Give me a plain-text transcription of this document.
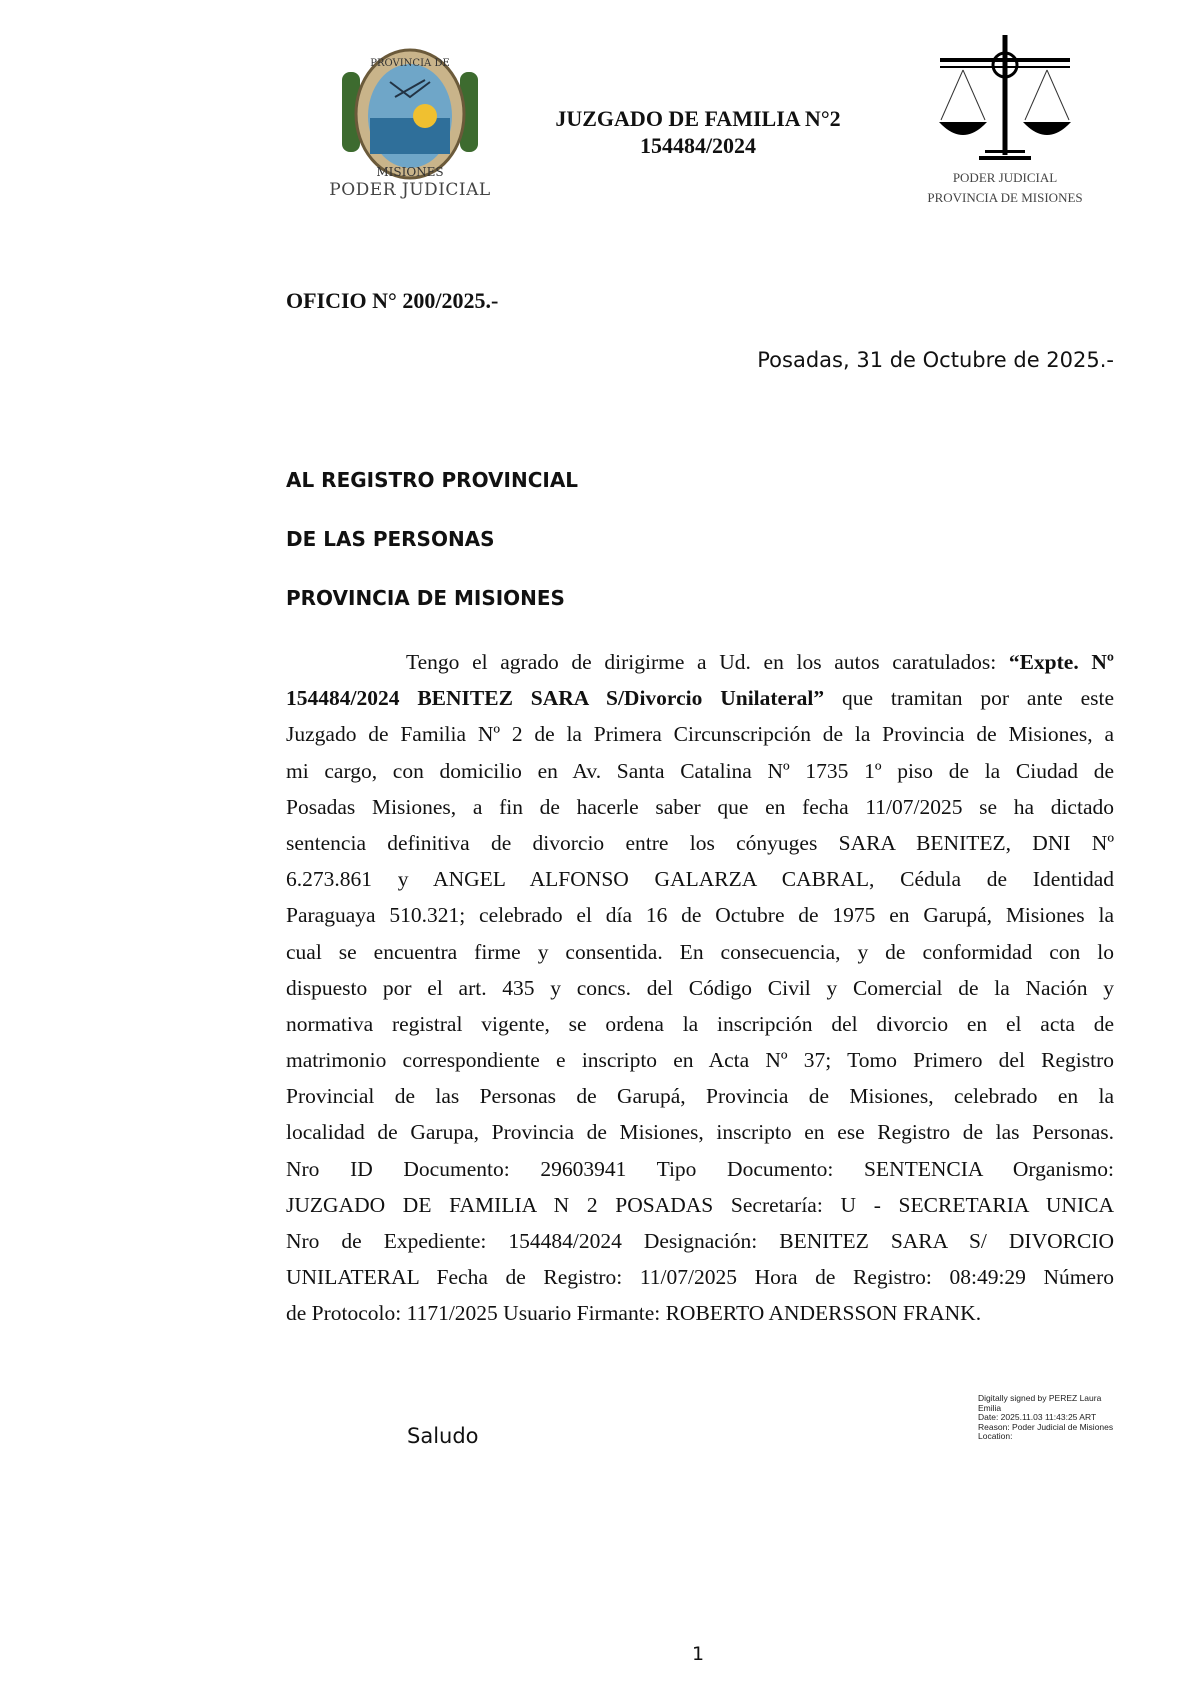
PROVINCIA DE
MISIONES
PODER JUDICIAL
JUZGADO DE FAMILIA N°2
154484/2024
PODER JUDICIAL
PROVINCIA DE MISIONES
OFICIO N° 200/2025.-
Posadas, 31 de Octubre de 2025.-
AL REGISTRO PROVINCIAL
DE LAS PERSONAS
PROVINCIA DE MISIONES
Tengo el agrado de dirigirme a Ud. en los autos caratulados: “Expte. Nº
154484/2024 BENITEZ SARA S/Divorcio Unilateral” que tramitan por ante este
Juzgado de Familia Nº 2 de la Primera Circunscripción de la Provincia de Misiones, a
mi cargo, con domicilio en Av. Santa Catalina Nº 1735 1º piso de la Ciudad de
Posadas Misiones, a fin de hacerle saber que en fecha 11/07/2025 se ha dictado
sentencia definitiva de divorcio entre los cónyuges SARA BENITEZ, DNI Nº
6.273.861 y ANGEL ALFONSO GALARZA CABRAL, Cédula de Identidad
Paraguaya 510.321; celebrado el día 16 de Octubre de 1975 en Garupá, Misiones la
cual se encuentra firme y consentida. En consecuencia, y de conformidad con lo
dispuesto por el art. 435 y concs. del Código Civil y Comercial de la Nación y
normativa registral vigente, se ordena la inscripción del divorcio en el acta de
matrimonio correspondiente e inscripto en Acta Nº 37; Tomo Primero del Registro
Provincial de las Personas de Garupá, Provincia de Misiones, celebrado en la
localidad de Garupa, Provincia de Misiones, inscripto en ese Registro de las Personas.
Nro ID Documento: 29603941 Tipo Documento: SENTENCIA Organismo:
JUZGADO DE FAMILIA N 2 POSADAS Secretaría: U - SECRETARIA UNICA
Nro de Expediente: 154484/2024 Designación: BENITEZ SARA S/ DIVORCIO
UNILATERAL Fecha de Registro: 11/07/2025 Hora de Registro: 08:49:29 Número
de Protocolo: 1171/2025 Usuario Firmante: ROBERTO ANDERSSON FRANK.
Saludo
Digitally signed by PEREZ Laura
Emilia
Date: 2025.11.03 11:43:25 ART
Reason: Poder Judicial de Misiones
Location:
1
